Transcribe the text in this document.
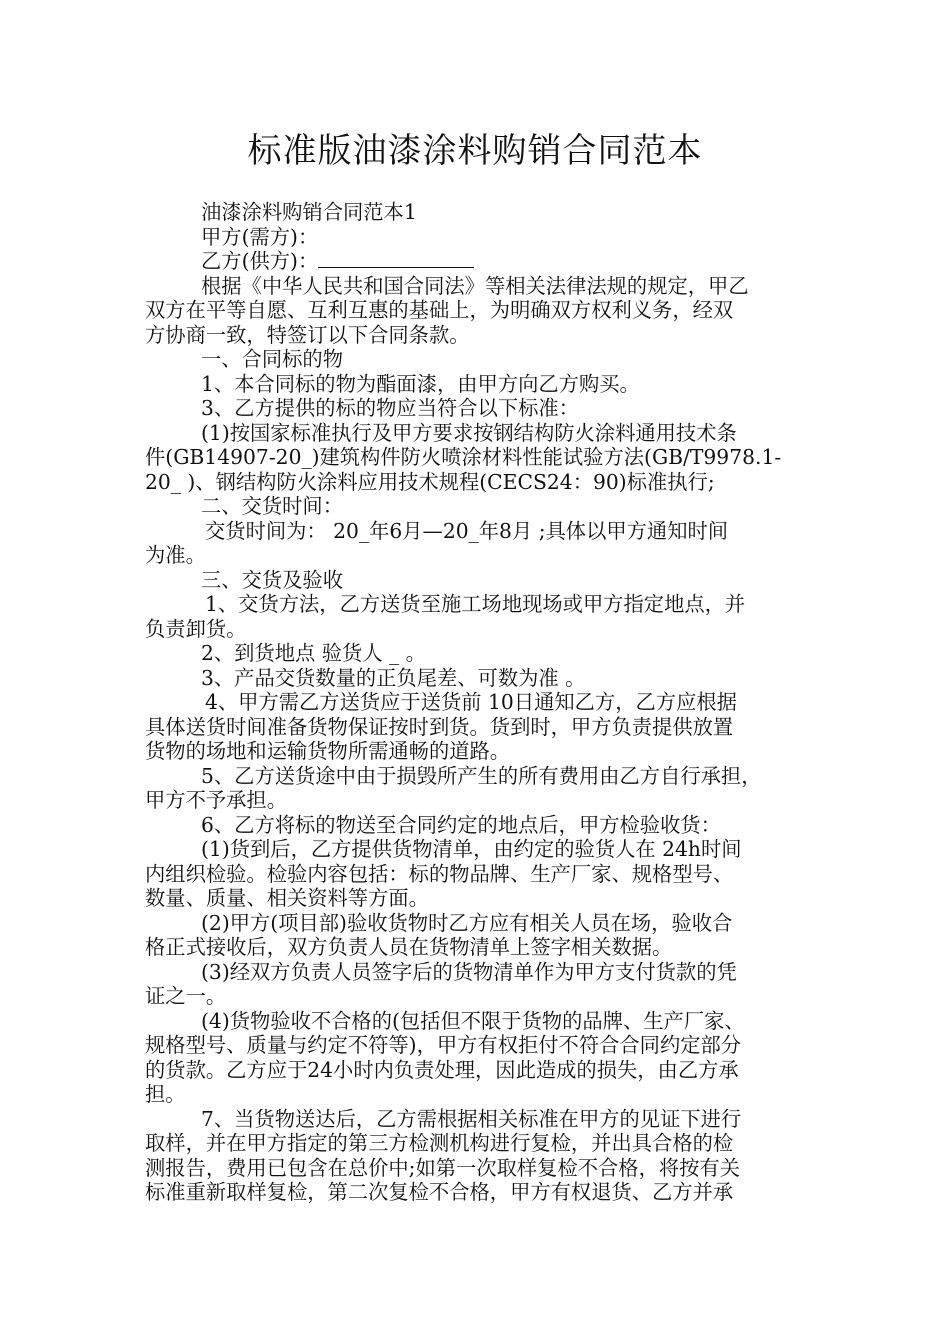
标准版油漆涂料购销合同范本

油漆涂料购销合同范本1

甲方(需方)：

乙方(供方)：

根据《中华人民共和国合同法》等相关法律法规的规定，甲乙

双方在平等自愿、互利互惠的基础上，为明确双方权利义务，经双

方协商一致，特签订以下合同条款。

一、合同标的物

1、本合同标的物为酯面漆，由甲方向乙方购买。

3、乙方提供的标的物应当符合以下标准：

(1)按国家标准执行及甲方要求按钢结构防火涂料通用技术条

件(GB14907-20_)建筑构件防火喷涂材料性能试验方法(GB/T9978.1-

20_ )、钢结构防火涂料应用技术规程(CECS24：90)标准执行;

二、交货时间：

交货时间为： 20_年6月—20_年8月 ;具体以甲方通知时间

为准。

三、交货及验收

1、交货方法，乙方送货至施工场地现场或甲方指定地点，并

负责卸货。

2、到货地点 验货人 _ 。

3、产品交货数量的正负尾差、可数为准 。

4、甲方需乙方送货应于送货前 10日通知乙方，乙方应根据

具体送货时间准备货物保证按时到货。货到时，甲方负责提供放置

货物的场地和运输货物所需通畅的道路。

5、乙方送货途中由于损毁所产生的所有费用由乙方自行承担，

甲方不予承担。

6、乙方将标的物送至合同约定的地点后，甲方检验收货：

(1)货到后，乙方提供货物清单，由约定的验货人在 24h时间

内组织检验。检验内容包括：标的物品牌、生产厂家、规格型号、

数量、质量、相关资料等方面。

(2)甲方(项目部)验收货物时乙方应有相关人员在场，验收合

格正式接收后，双方负责人员在货物清单上签字相关数据。

(3)经双方负责人员签字后的货物清单作为甲方支付货款的凭

证之一。

(4)货物验收不合格的(包括但不限于货物的品牌、生产厂家、

规格型号、质量与约定不符等)，甲方有权拒付不符合合同约定部分

的货款。乙方应于24小时内负责处理，因此造成的损失，由乙方承

担。

7、当货物送达后，乙方需根据相关标准在甲方的见证下进行

取样，并在甲方指定的第三方检测机构进行复检，并出具合格的检

测报告，费用已包含在总价中;如第一次取样复检不合格，将按有关

标准重新取样复检，第二次复检不合格，甲方有权退货、乙方并承
